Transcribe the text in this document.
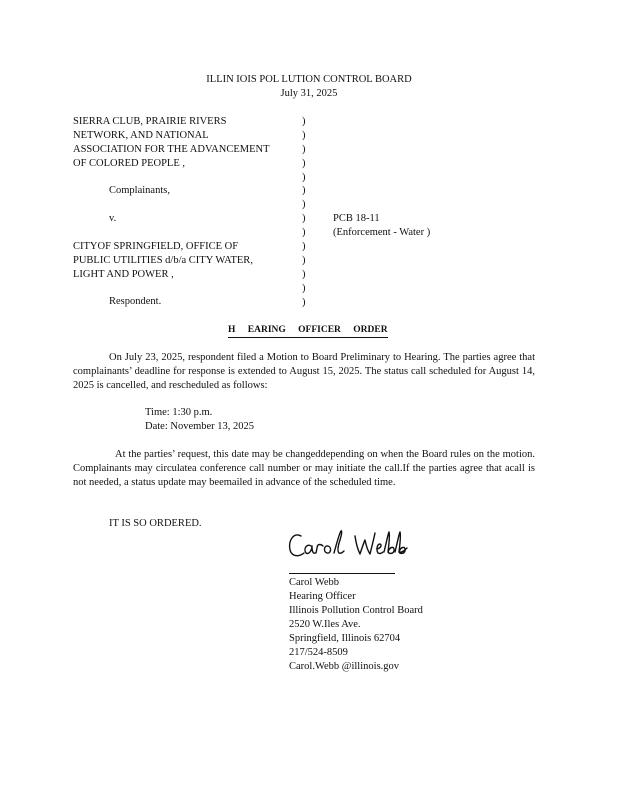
ILLIN IOIS POL LUTION CONTROL BOARD
July 31, 2025
SIERRA CLUB, PRAIRIE RIVERS
NETWORK, AND NATIONAL
ASSOCIATION FOR THE ADVANCEMENT
OF COLORED PEOPLE ,
Complainants,
v.	PCB 18-11
(Enforcement - Water )
CITYOF SPRINGFIELD, OFFICE OF
PUBLIC UTILITIES d/b/a CITY WATER,
LIGHT AND POWER ,
Respondent.
)
)
)
)
)
)
)
)
)
)
)
)
)
)
H EARING OFFICER ORDER
On July 23, 2025, respondent filed a Motion to Board Preliminary to Hearing. The parties agree that complainants’ deadline for response is extended to August 15, 2025. The status call scheduled for August 14, 2025 is cancelled, and rescheduled as follows:
Time: 1:30 p.m.
Date: November 13, 2025
At the parties’ request, this date may be changeddepending on when the Board rules on the motion. Complainants may circulatea conference call number or may initiate the call.If the parties agree that acall is not needed, a status update may beemailed in advance of the scheduled time.
IT IS SO ORDERED.
Carol Webb
Hearing Officer
Illinois Pollution Control Board
2520 W.Iles Ave.
Springfield, Illinois 62704
217/524-8509
Carol.Webb @illinois.gov
